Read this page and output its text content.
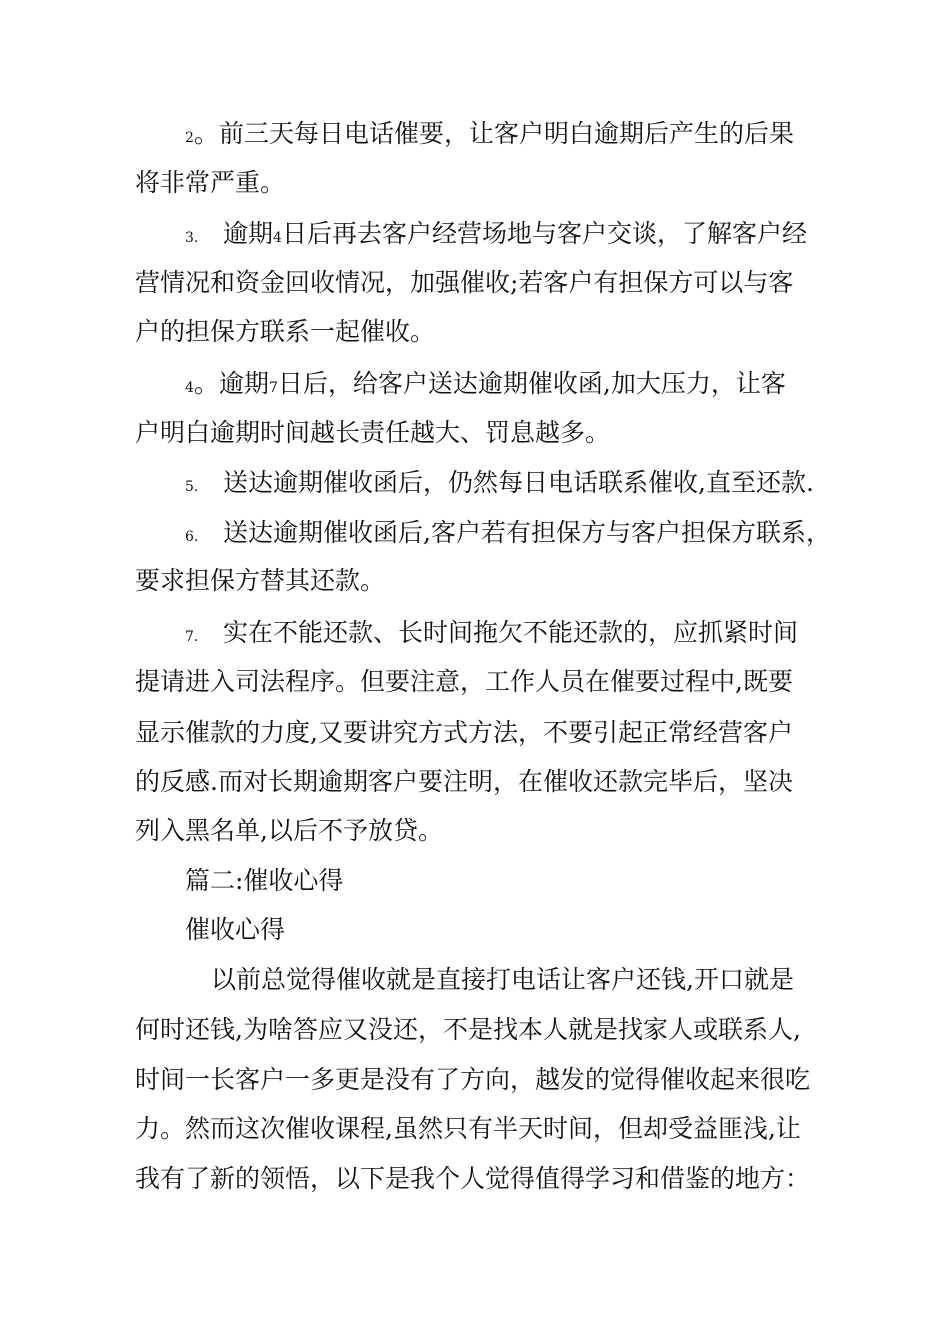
2。前三天每日电话催要，让客户明白逾期后产生的后果
将非常严重。
3. 逾期4日后再去客户经营场地与客户交谈，了解客户经
营情况和资金回收情况，加强催收;若客户有担保方可以与客
户的担保方联系一起催收。
4。逾期7日后，给客户送达逾期催收函,加大压力，让客
户明白逾期时间越长责任越大、罚息越多。
5. 送达逾期催收函后，仍然每日电话联系催收,直至还款.
6. 送达逾期催收函后,客户若有担保方与客户担保方联系，
要求担保方替其还款。
7. 实在不能还款、长时间拖欠不能还款的，应抓紧时间
提请进入司法程序。但要注意，工作人员在催要过程中,既要
显示催款的力度,又要讲究方式方法，不要引起正常经营客户
的反感.而对长期逾期客户要注明，在催收还款完毕后，坚决
列入黑名单,以后不予放贷。
篇二:催收心得
催收心得
以前总觉得催收就是直接打电话让客户还钱,开口就是
何时还钱,为啥答应又没还，不是找本人就是找家人或联系人,
时间一长客户一多更是没有了方向，越发的觉得催收起来很吃
力。然而这次催收课程,虽然只有半天时间，但却受益匪浅,让
我有了新的领悟，以下是我个人觉得值得学习和借鉴的地方：
